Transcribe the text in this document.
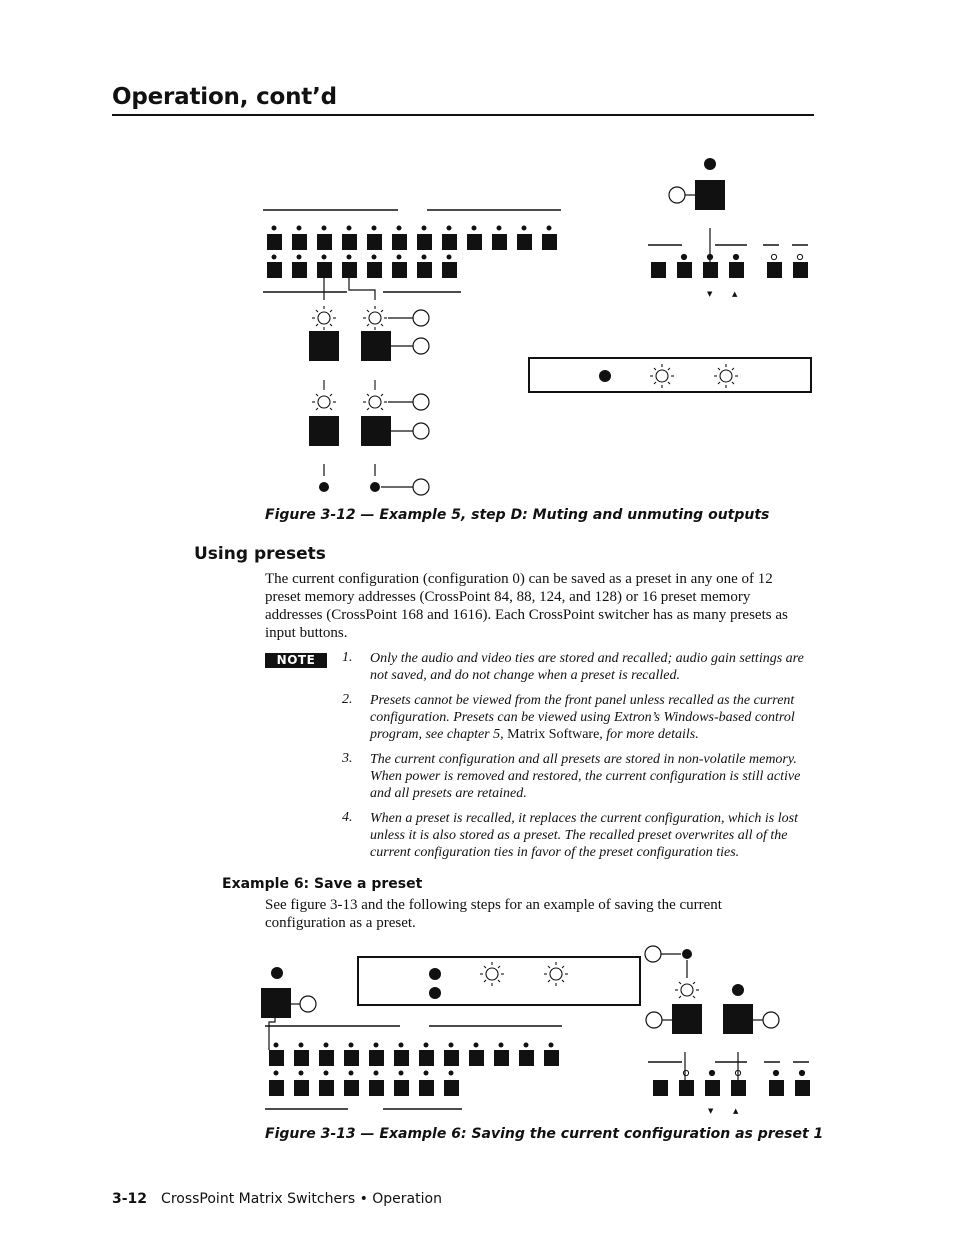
Operation, cont’d
▼	▲
Figure 3-12 — Example 5, step D: Muting and unmuting outputs
Using presets
The current configuration (configuration 0) can be saved as a preset in any one of 12 preset memory addresses (CrossPoint 84, 88, 124, and 128) or 16 preset memory addresses (CrossPoint 168 and 1616). Each CrossPoint switcher has as many presets as input buttons.
NOTE	1. Only the audio and video ties are stored and recalled; audio gain settings are not saved, and do not change when a preset is recalled.
2. Presets cannot be viewed from the front panel unless recalled as the current configuration. Presets can be viewed using Extron’s Windows-based control program, see chapter 5, Matrix Software, for more details.
3. The current configuration and all presets are stored in non-volatile memory. When power is removed and restored, the current configuration is still active and all presets are retained.
4. When a preset is recalled, it replaces the current configuration, which is lost unless it is also stored as a preset. The recalled preset overwrites all of the current configuration ties in favor of the preset configuration ties.
Example 6: Save a preset
See figure 3-13 and the following steps for an example of saving the current configuration as a preset.
▼	▲
Figure 3-13 — Example 6: Saving the current configuration as preset 1
3-12 CrossPoint Matrix Switchers • Operation
